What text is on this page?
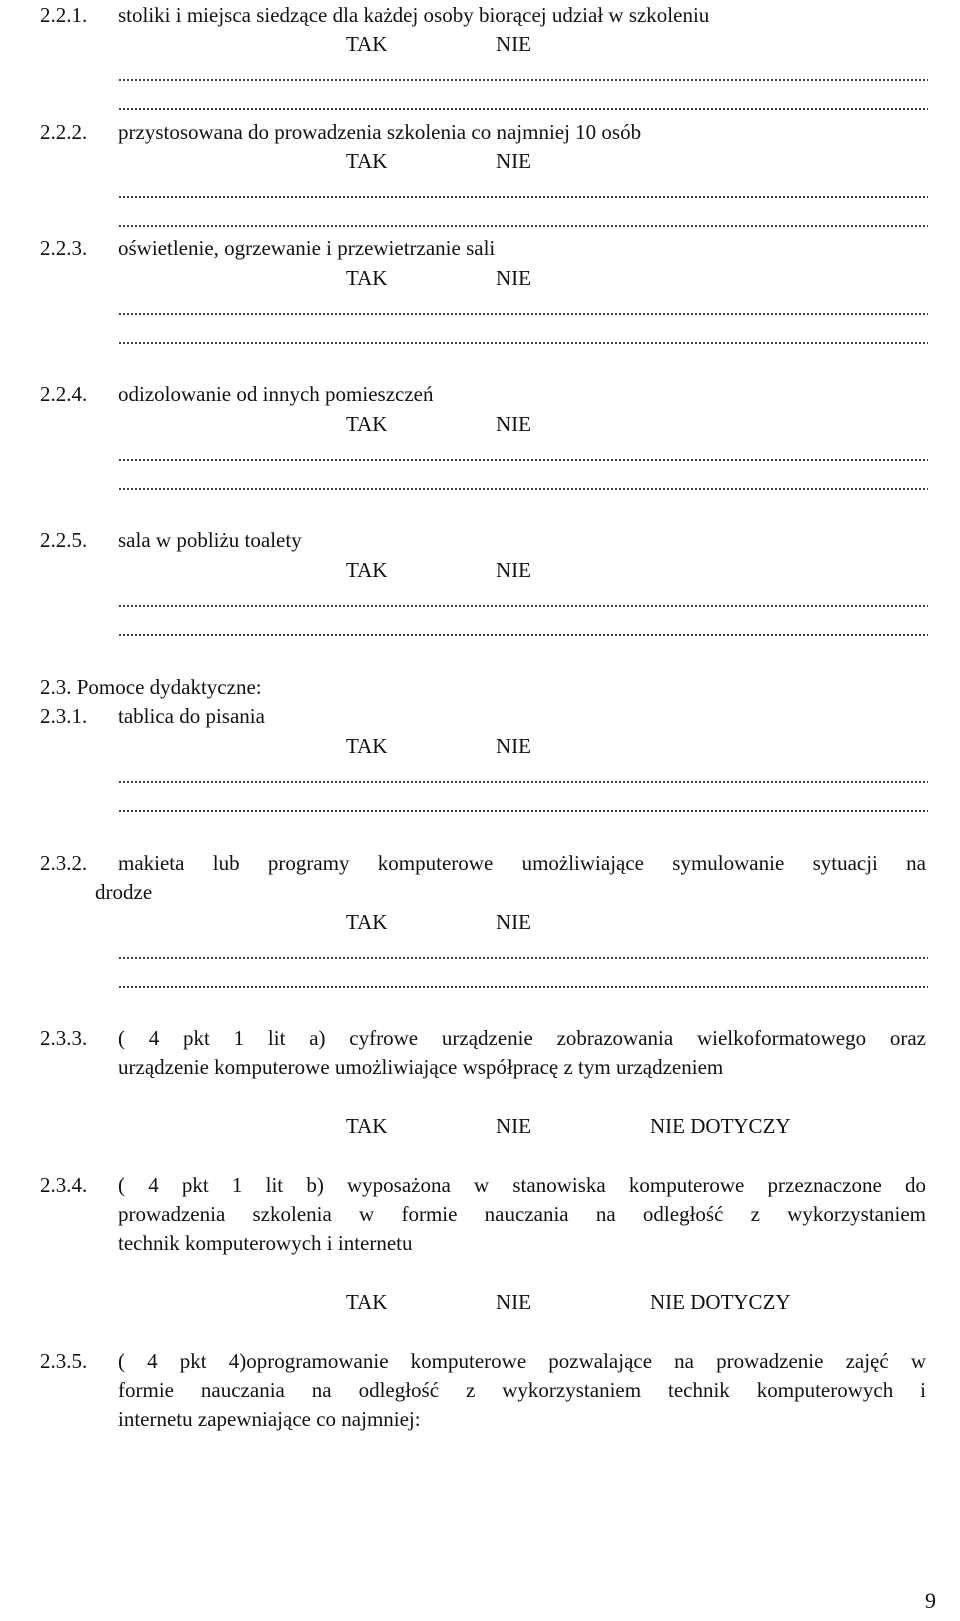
2.2.1. stoliki i miejsca siedzące dla każdej osoby biorącej udział w szkoleniu
TAK	NIE
2.2.2. przystosowana do prowadzenia szkolenia co najmniej 10 osób
TAK	NIE
2.2.3. oświetlenie, ogrzewanie i przewietrzanie sali
TAK	NIE
2.2.4. odizolowanie od innych pomieszczeń
TAK	NIE
2.2.5. sala w pobliżu toalety
TAK	NIE
2.3. Pomoce dydaktyczne:
2.3.1. tablica do pisania
TAK	NIE
2.3.2. makieta lub programy komputerowe umożliwiające symulowanie sytuacji na
drodze
TAK	NIE
2.3.3. ( 4 pkt 1 lit a) cyfrowe urządzenie zobrazowania wielkoformatowego oraz
urządzenie komputerowe umożliwiające współpracę z tym urządzeniem
TAK	NIE	NIE DOTYCZY
2.3.4. ( 4 pkt 1 lit b) wyposażona w stanowiska komputerowe przeznaczone do
prowadzenia szkolenia w formie nauczania na odległość z wykorzystaniem
technik komputerowych i internetu
TAK	NIE	NIE DOTYCZY
2.3.5. ( 4 pkt 4)oprogramowanie komputerowe pozwalające na prowadzenie zajęć w
formie nauczania na odległość z wykorzystaniem technik komputerowych i
internetu zapewniające co najmniej:
9
